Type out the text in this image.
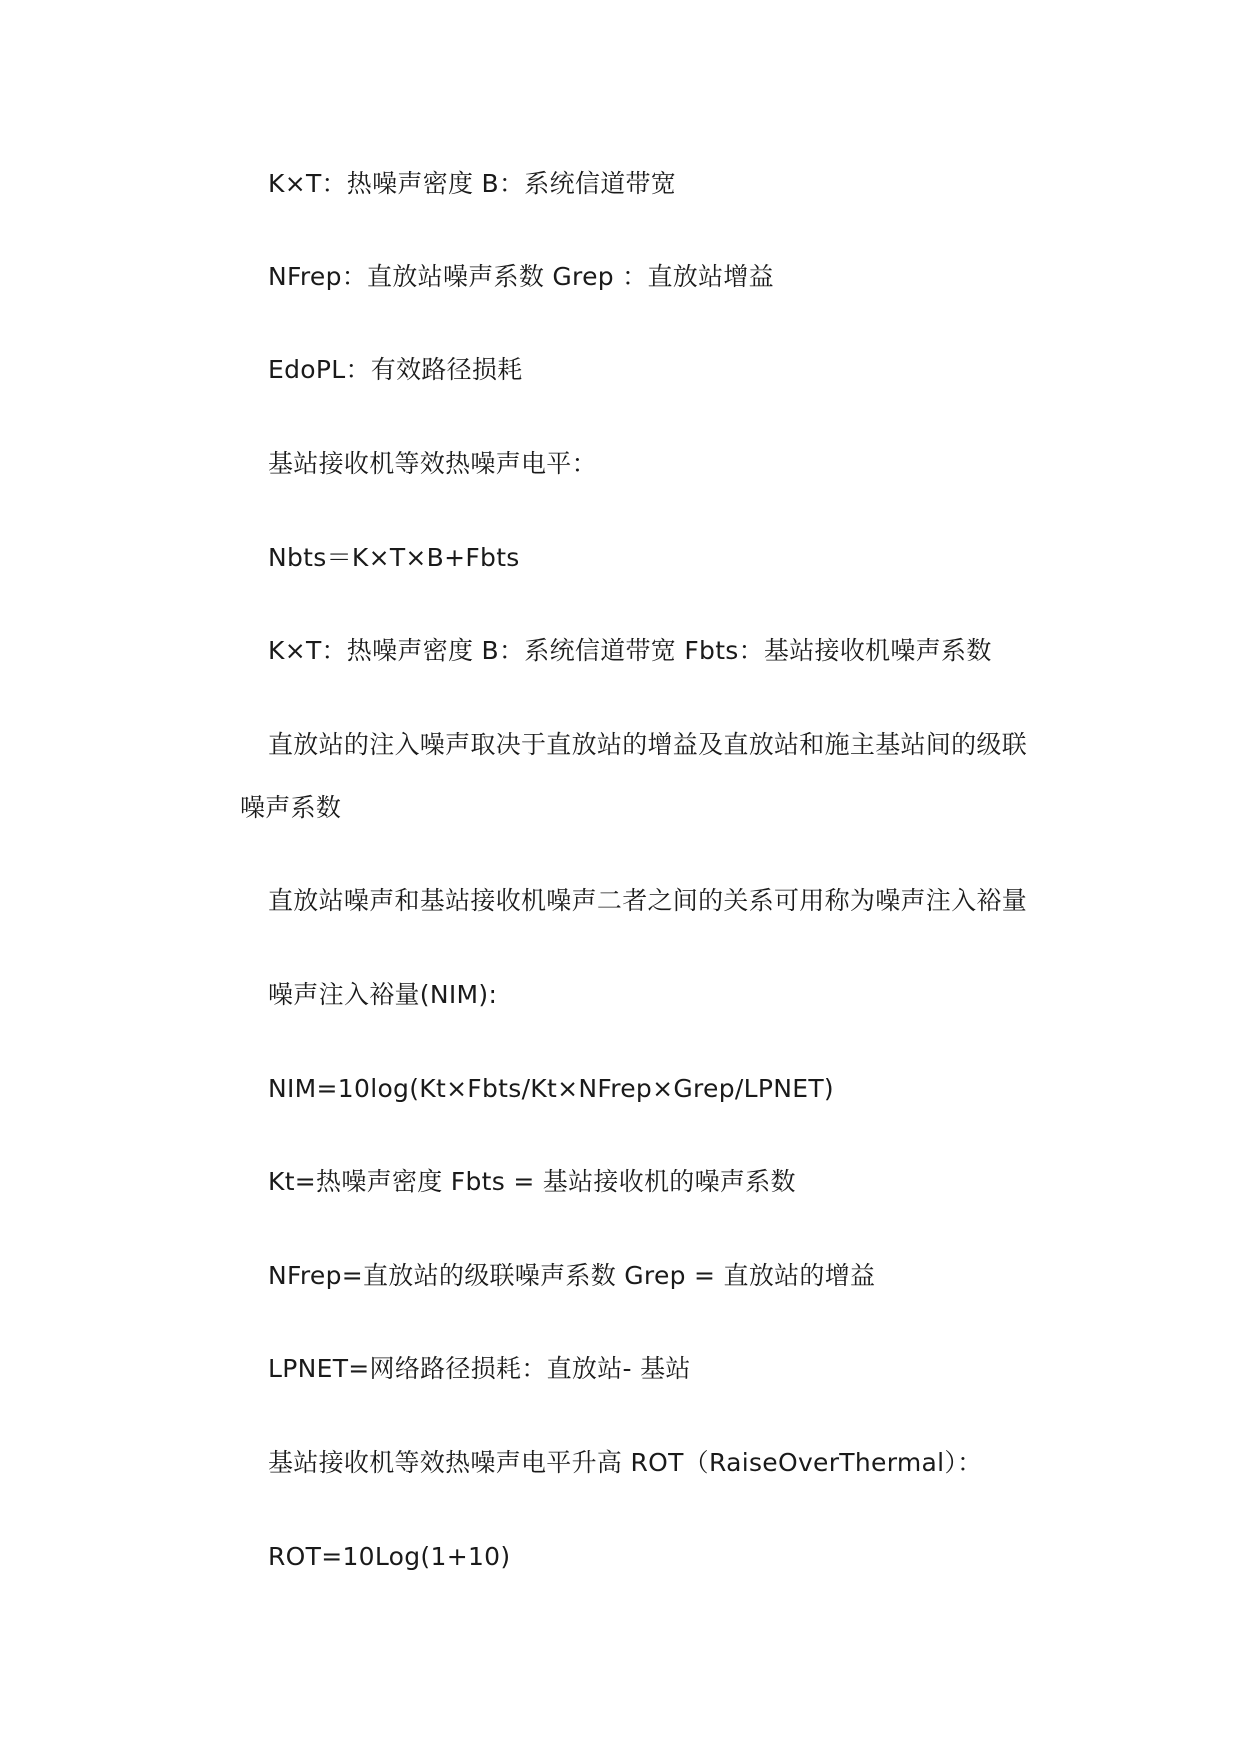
K×T：热噪声密度 B：系统信道带宽
NFrep：直放站噪声系数 Grep ：直放站增益
EdoPL：有效路径损耗
基站接收机等效热噪声电平：
Nbts＝K×T×B+Fbts
K×T：热噪声密度 B：系统信道带宽 Fbts：基站接收机噪声系数
直放站的注入噪声取决于直放站的增益及直放站和施主基站间的级联
噪声系数
直放站噪声和基站接收机噪声二者之间的关系可用称为噪声注入裕量
噪声注入裕量(NIM):
NIM=10log(Kt×Fbts/Kt×NFrep×Grep/LPNET)
Kt=热噪声密度 Fbts = 基站接收机的噪声系数
NFrep=直放站的级联噪声系数 Grep = 直放站的增益
LPNET=网络路径损耗：直放站- 基站
基站接收机等效热噪声电平升高 ROT（RaiseOverThermal）：
ROT=10Log(1+10)
